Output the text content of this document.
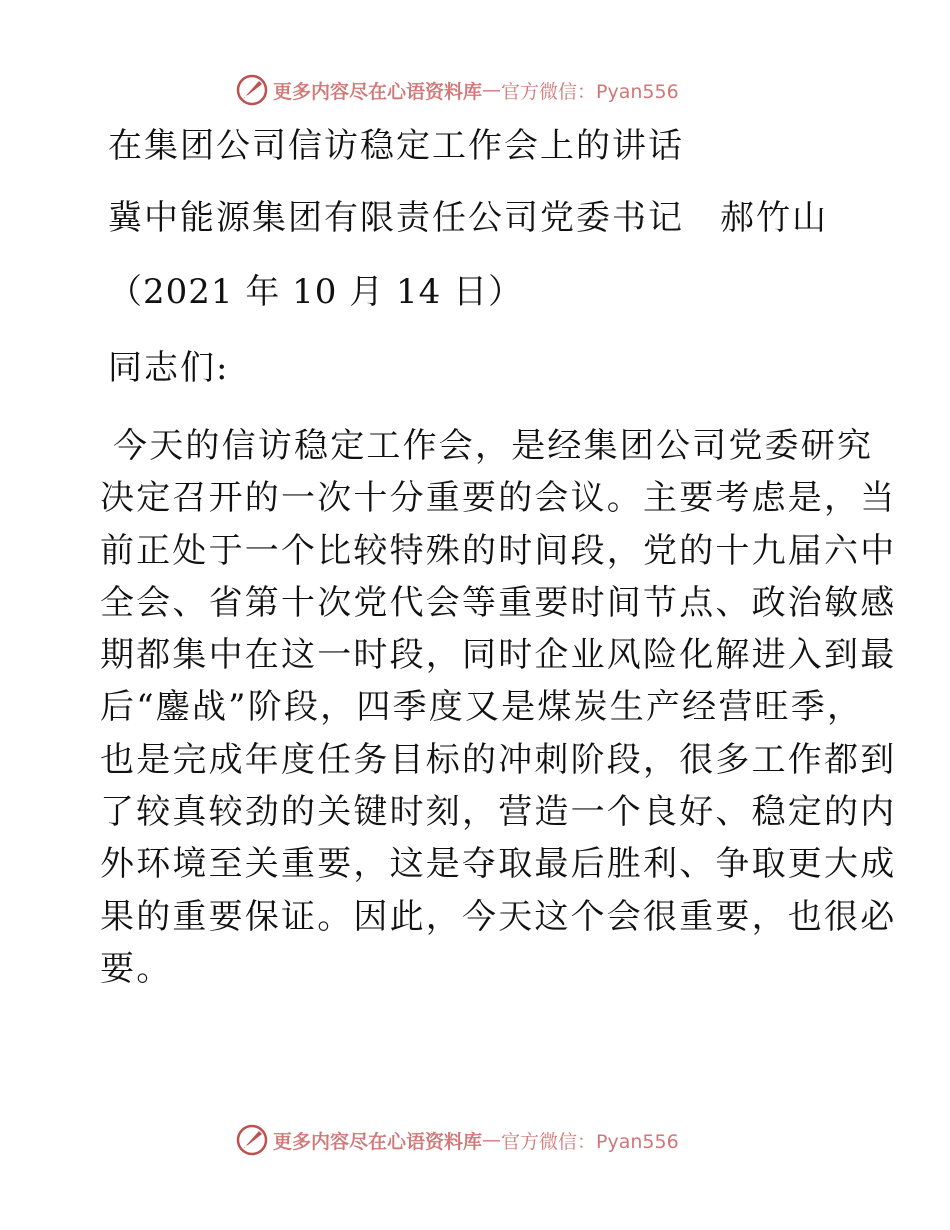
更多内容尽在心语资料库 — 官方微信：Pyan556
在集团公司信访稳定工作会上的讲话
冀中能源集团有限责任公司党委书记　郝竹山
（2021 年 10 月 14 日）
同志们:
今天的信访稳定工作会，是经集团公司党委研究
决定召开的一次十分重要的会议。主要考虑是，当
前正处于一个比较特殊的时间段，党的十九届六中
全会、省第十次党代会等重要时间节点、政治敏感
期都集中在这一时段，同时企业风险化解进入到最
后“鏖战”阶段，四季度又是煤炭生产经营旺季，
也是完成年度任务目标的冲刺阶段，很多工作都到
了较真较劲的关键时刻，营造一个良好、稳定的内
外环境至关重要，这是夺取最后胜利、争取更大成
果的重要保证。因此，今天这个会很重要，也很必
要。
更多内容尽在心语资料库 — 官方微信：Pyan556
